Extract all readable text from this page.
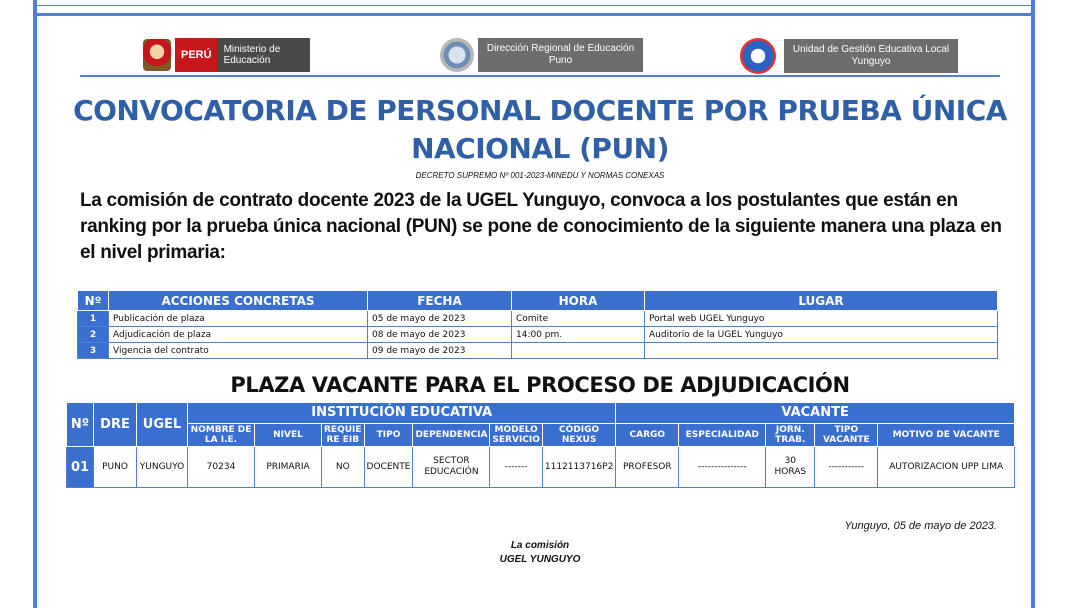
PERÚ	Ministerio de Educación
Dirección Regional de Educación Puno
Unidad de Gestión Educativa Local Yunguyo
CONVOCATORIA DE PERSONAL DOCENTE POR PRUEBA ÚNICA NACIONAL (PUN)
DECRETO SUPREMO Nº 001-2023-MINEDU Y NORMAS CONEXAS

La comisión de contrato docente 2023 de la UGEL Yunguyo, convoca a los postulantes que están en ranking por la prueba única nacional (PUN) se pone de conocimiento de la siguiente manera una plaza en el nivel primaria:

Nº	ACCIONES CONCRETAS	FECHA	HORA	LUGAR
1	Publicación de plaza	05 de mayo de 2023	Comite	Portal web UGEL Yunguyo
2	Adjudicación de plaza	08 de mayo de 2023	14:00 pm.	Auditorio de la UGEL Yunguyo
3	Vigencia del contrato	09 de mayo de 2023		
PLAZA VACANTE PARA EL PROCESO DE ADJUDICACIÓN
Nº	DRE	UGEL	INSTITUCIÓN EDUCATIVA							VACANTE				
			NOMBRE DE LA I.E.	NIVEL	REQUIE RE EIB	TIPO	DEPENDENCIA	MODELO SERVICIO	CÓDIGO NEXUS	CARGO	ESPECIALIDAD	JORN. TRAB.	TIPO VACANTE	MOTIVO DE VACANTE
01	PUNO	YUNGUYO	70234	PRIMARIA	NO	DOCENTE	SECTOR EDUCACIÓN	-------	1112113716P2	PROFESOR	---------------	30 HORAS	-----------	AUTORIZACION UPP LIMA
Yunguyo, 05 de mayo de 2023.
La comisión
UGEL YUNGUYO
